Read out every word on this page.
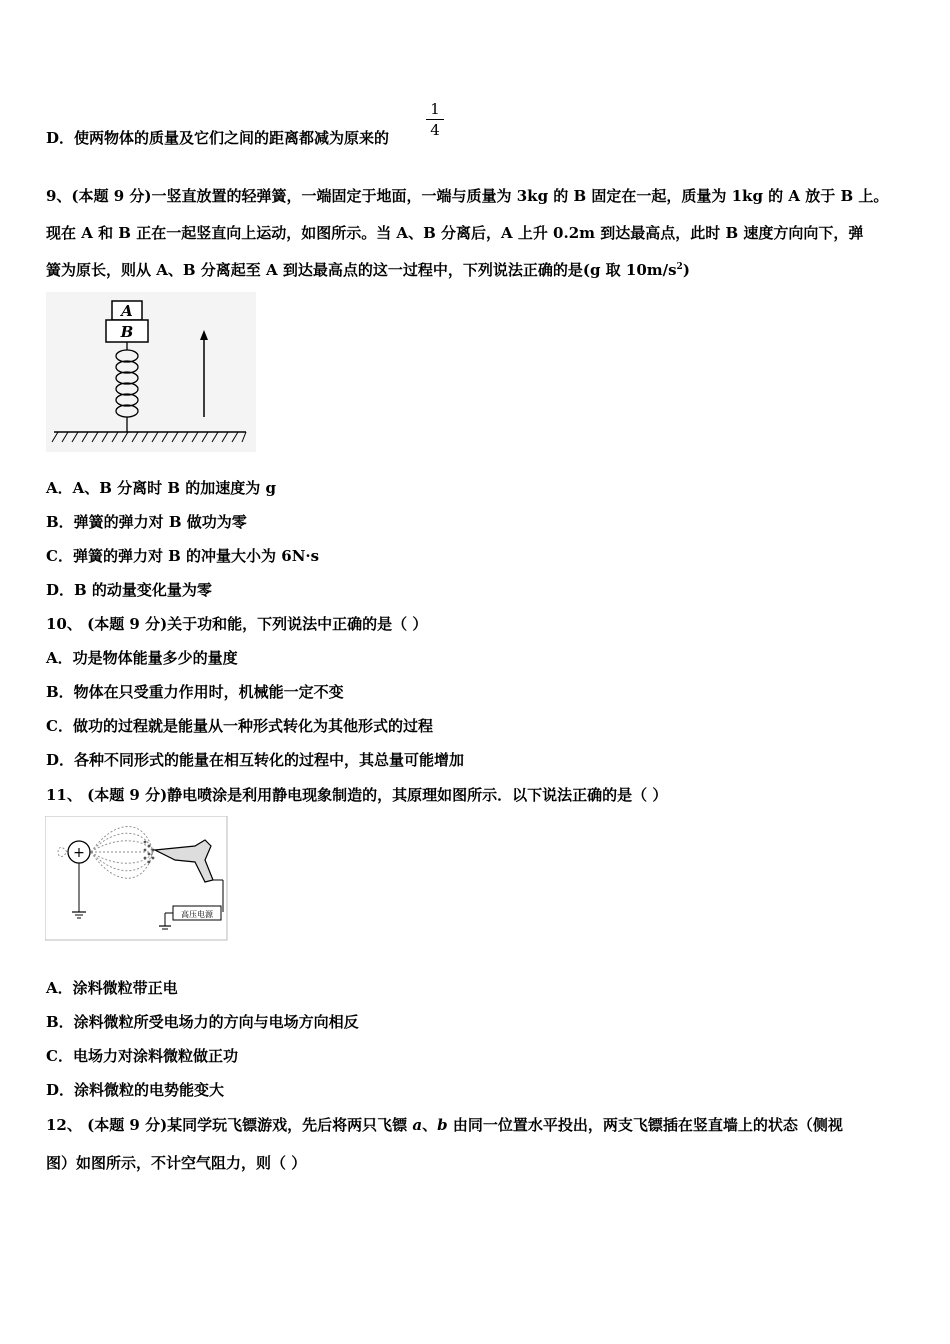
D．使两物体的质量及它们之间的距离都减为原来的
1
4
9、(本题 9 分)一竖直放置的轻弹簧，一端固定于地面，一端与质量为 3kg 的 B 固定在一起，质量为 1kg 的 A 放于 B 上。
现在 A 和 B 正在一起竖直向上运动，如图所示。当 A、B 分离后，A 上升 0.2m 到达最高点，此时 B 速度方向向下，弹
簧为原长，则从 A、B 分离起至 A 到达最高点的这一过程中，下列说法正确的是(g 取 $10m/s^2$)
A
B
A．A、B 分离时 B 的加速度为 g
B．弹簧的弹力对 B 做功为零
C．弹簧的弹力对 B 的冲量大小为 6N·s
D．B 的动量变化量为零
10、 (本题 9 分)关于功和能，下列说法中正确的是（ ）
A．功是物体能量多少的量度
B．物体在只受重力作用时，机械能一定不变
C．做功的过程就是能量从一种形式转化为其他形式的过程
D．各种不同形式的能量在相互转化的过程中，其总量可能增加
11、 (本题 9 分)静电喷涂是利用静电现象制造的，其原理如图所示．以下说法正确的是（ ）
+
高压电源
A．涂料微粒带正电
B．涂料微粒所受电场力的方向与电场方向相反
C．电场力对涂料微粒做正功
D．涂料微粒的电势能变大
12、 (本题 9 分)某同学玩飞镖游戏，先后将两只飞镖 a、b 由同一位置水平投出，两支飞镖插在竖直墙上的状态（侧视
图）如图所示，不计空气阻力，则（ ）
